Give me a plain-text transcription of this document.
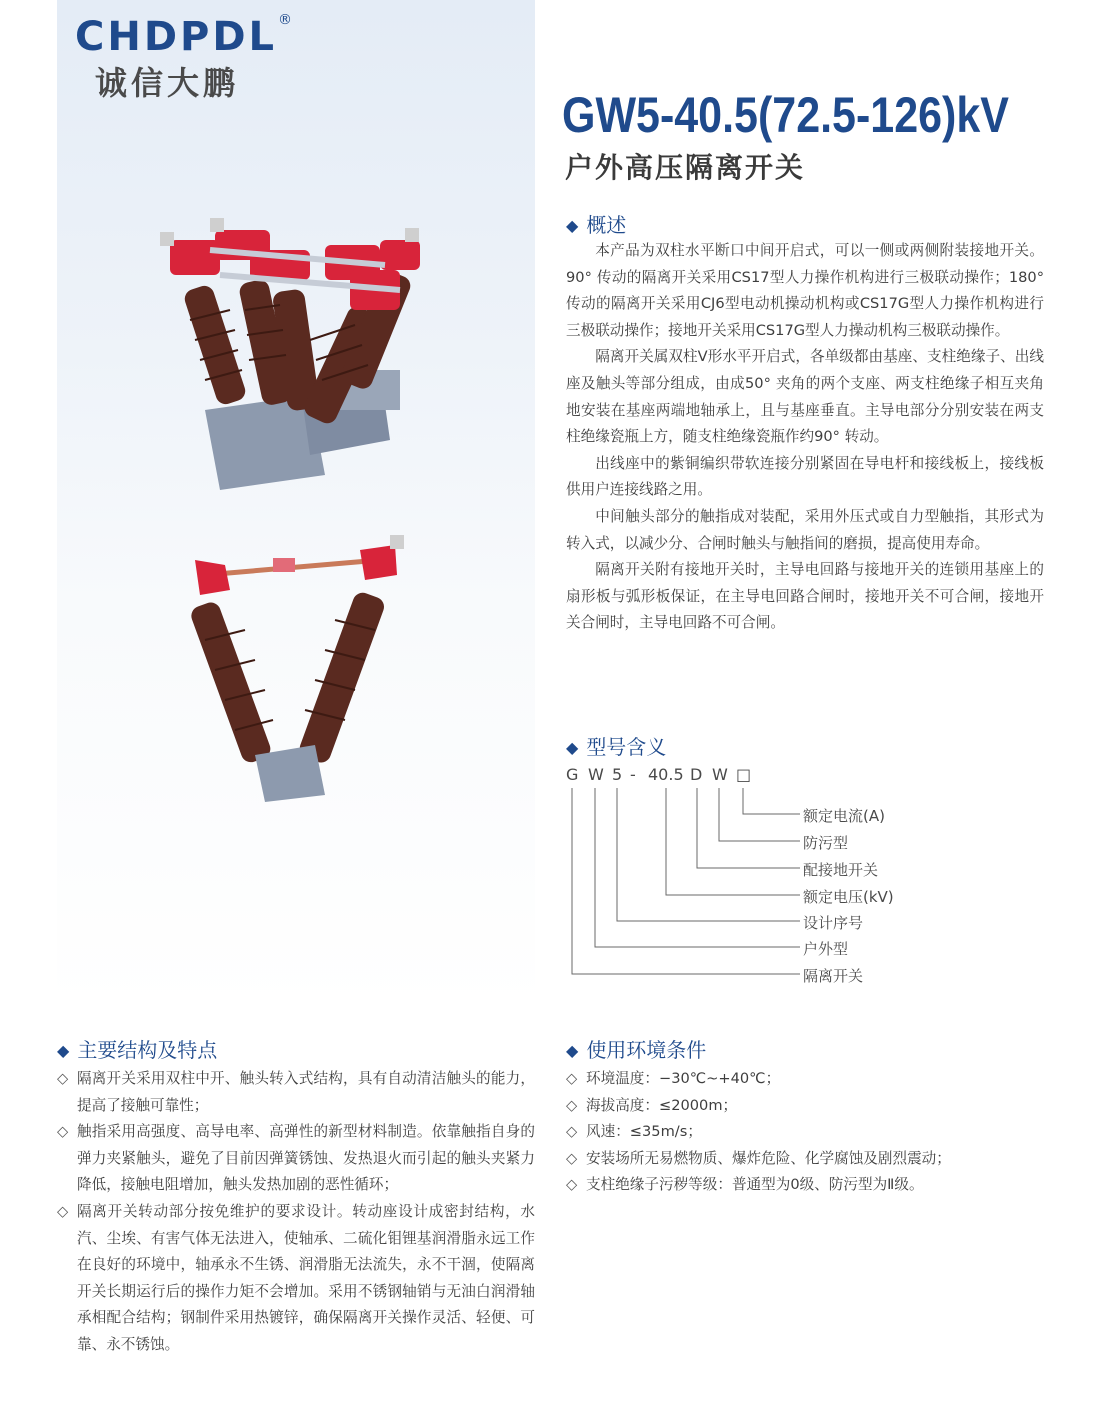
CHDPDL ®
诚信大鹏
GW5-40.5(72.5-126)kV
户外高压隔离开关
◆ 概述

本产品为双柱水平断口中间开启式，可以一侧或两侧附装接地开关。90° 传动的隔离开关采用CS17型人力操作机构进行三极联动操作；180° 传动的隔离开关采用CJ6型电动机操动机构或CS17G型人力操作机构进行三极联动操作；接地开关采用CS17G型人力操动机构三极联动操作。

隔离开关属双柱V形水平开启式，各单级都由基座、支柱绝缘子、出线座及触头等部分组成，由成50° 夹角的两个支座、两支柱绝缘子相互夹角地安装在基座两端地轴承上，且与基座垂直。主导电部分分别安装在两支柱绝缘瓷瓶上方，随支柱绝缘瓷瓶作约90° 转动。

出线座中的紫铜编织带软连接分别紧固在导电杆和接线板上，接线板供用户连接线路之用。

中间触头部分的触指成对装配，采用外压式或自力型触指，其形式为转入式，以减少分、合闸时触头与触指间的磨损，提高使用寿命。

隔离开关附有接地开关时，主导电回路与接地开关的连锁用基座上的扇形板与弧形板保证，在主导电回路合闸时，接地开关不可合闸，接地开关合闸时，主导电回路不可合闸。

◆ 型号含义
G W 5 - 40.5 D W □
额定电流(A)
防污型
配接地开关
额定电压(kV)
设计序号
户外型
隔离开关
◆ 主要结构及特点
◇ 隔离开关采用双柱中开、触头转入式结构，具有自动清洁触头的能力，提高了接触可靠性；
◇ 触指采用高强度、高导电率、高弹性的新型材料制造。依靠触指自身的弹力夹紧触头，避免了目前因弹簧锈蚀、发热退火而引起的触头夹紧力降低，接触电阻增加，触头发热加剧的恶性循环；
◇ 隔离开关转动部分按免维护的要求设计。转动座设计成密封结构，水汽、尘埃、有害气体无法进入，使轴承、二硫化钼锂基润滑脂永远工作在良好的环境中，轴承永不生锈、润滑脂无法流失，永不干涸，使隔离开关长期运行后的操作力矩不会增加。采用不锈钢轴销与无油白润滑轴承相配合结构；钢制件采用热镀锌，确保隔离开关操作灵活、轻便、可靠、永不锈蚀。
◆ 使用环境条件
◇ 环境温度：−30℃~+40℃；
◇ 海拔高度：≤2000m；
◇ 风速：≤35m/s；
◇ 安装场所无易燃物质、爆炸危险、化学腐蚀及剧烈震动；
◇ 支柱绝缘子污秽等级：普通型为0级、防污型为Ⅱ级。
